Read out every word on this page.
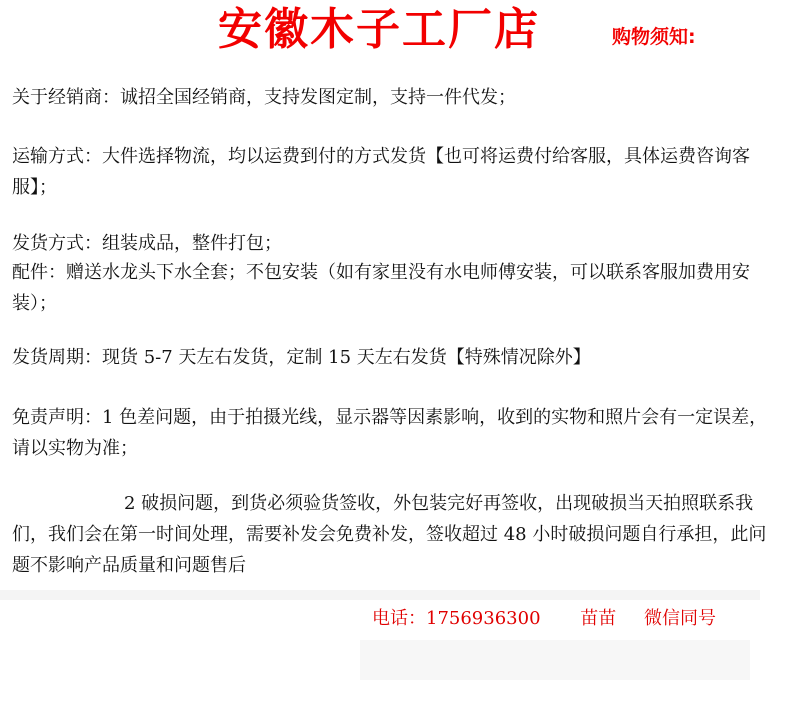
安徽木子工厂店	购物须知:
关于经销商：诚招全国经销商，支持发图定制，支持一件代发；
运输方式：大件选择物流，均以运费到付的方式发货【也可将运费付给客服，具体运费咨询客服】；
发货方式：组装成品，整件打包；
配件：赠送水龙头下水全套；不包安装（如有家里没有水电师傅安装，可以联系客服加费用安装）；
发货周期：现货 5-7 天左右发货，定制 15 天左右发货【特殊情况除外】
免责声明：1 色差问题，由于拍摄光线，显示器等因素影响，收到的实物和照片会有一定误差，请以实物为准；
2 破损问题，到货必须验货签收，外包装完好再签收，出现破损当天拍照联系我们，我们会在第一时间处理，需要补发会免费补发，签收超过 48 小时破损问题自行承担，此问题不影响产品质量和问题售后
电话：1756936300 苗苗 微信同号
